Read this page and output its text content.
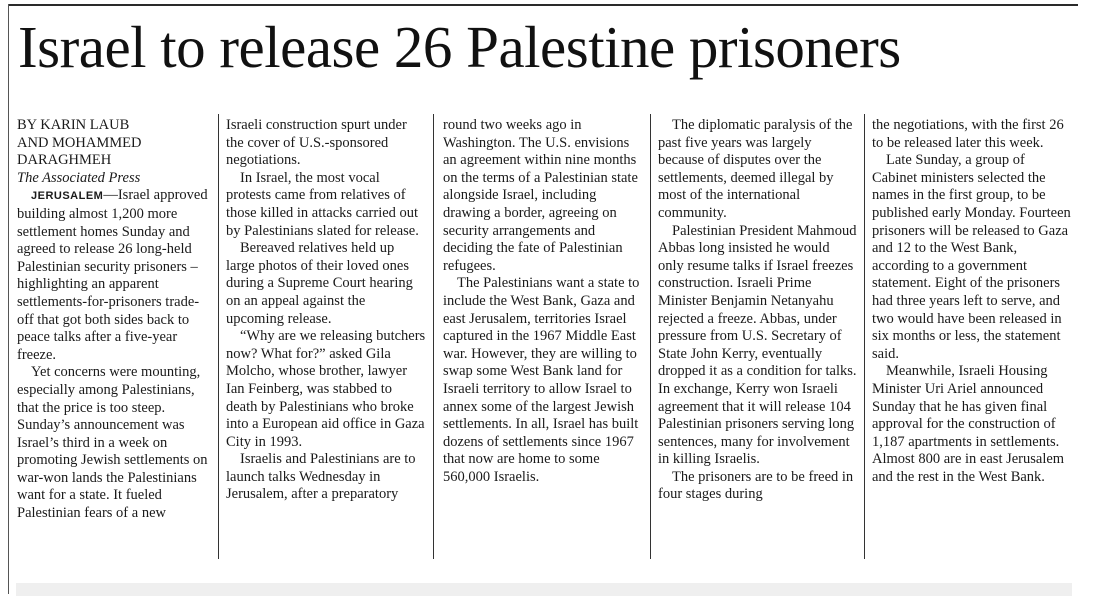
Israel to release 26 Palestine prisoners
BY KARIN LAUB
AND MOHAMMED
DARAGHMEH
The Associated Press

JERUSALEM—Israel approved building almost 1,200 more settlement homes Sunday and agreed to release 26 long-held Palestinian security prisoners – highlighting an apparent settlements-for-prisoners trade-off that got both sides back to peace talks after a five-year freeze.

Yet concerns were mounting, especially among Palestinians, that the price is too steep. Sunday’s announcement was Israel’s third in a week on promoting Jewish settlements on war-won lands the Palestinians want for a state. It fueled Palestinian fears of a new

Israeli construction spurt under the cover of U.S.-sponsored negotiations.

In Israel, the most vocal protests came from relatives of those killed in attacks carried out by Palestinians slated for release.

Bereaved relatives held up large photos of their loved ones during a Supreme Court hearing on an appeal against the upcoming release.

“Why are we releasing butchers now? What for?” asked Gila Molcho, whose brother, lawyer Ian Feinberg, was stabbed to death by Palestinians who broke into a European aid office in Gaza City in 1993.

Israelis and Palestinians are to launch talks Wednesday in Jerusalem, after a preparatory

round two weeks ago in Washington. The U.S. envisions an agreement within nine months on the terms of a Palestinian state alongside Israel, including drawing a border, agreeing on security arrangements and deciding the fate of Palestinian refugees.

The Palestinians want a state to include the West Bank, Gaza and east Jerusalem, territories Israel captured in the 1967 Middle East war. However, they are willing to swap some West Bank land for Israeli territory to allow Israel to annex some of the largest Jewish settlements. In all, Israel has built dozens of settlements since 1967 that now are home to some 560,000 Israelis.

The diplomatic paralysis of the past five years was largely because of disputes over the settlements, deemed illegal by most of the international community.

Palestinian President Mahmoud Abbas long insisted he would only resume talks if Israel freezes construction. Israeli Prime Minister Benjamin Netanyahu rejected a freeze. Abbas, under pressure from U.S. Secretary of State John Kerry, eventually dropped it as a condition for talks. In exchange, Kerry won Israeli agreement that it will release 104 Palestinian prisoners serving long sentences, many for involvement in killing Israelis.

The prisoners are to be freed in four stages during

the negotiations, with the first 26 to be released later this week.

Late Sunday, a group of Cabinet ministers selected the names in the first group, to be published early Monday. Fourteen prisoners will be released to Gaza and 12 to the West Bank, according to a government statement. Eight of the prisoners had three years left to serve, and two would have been released in six months or less, the statement said.

Meanwhile, Israeli Housing Minister Uri Ariel announced Sunday that he has given final approval for the construction of 1,187 apartments in settlements. Almost 800 are in east Jerusalem and the rest in the West Bank.
